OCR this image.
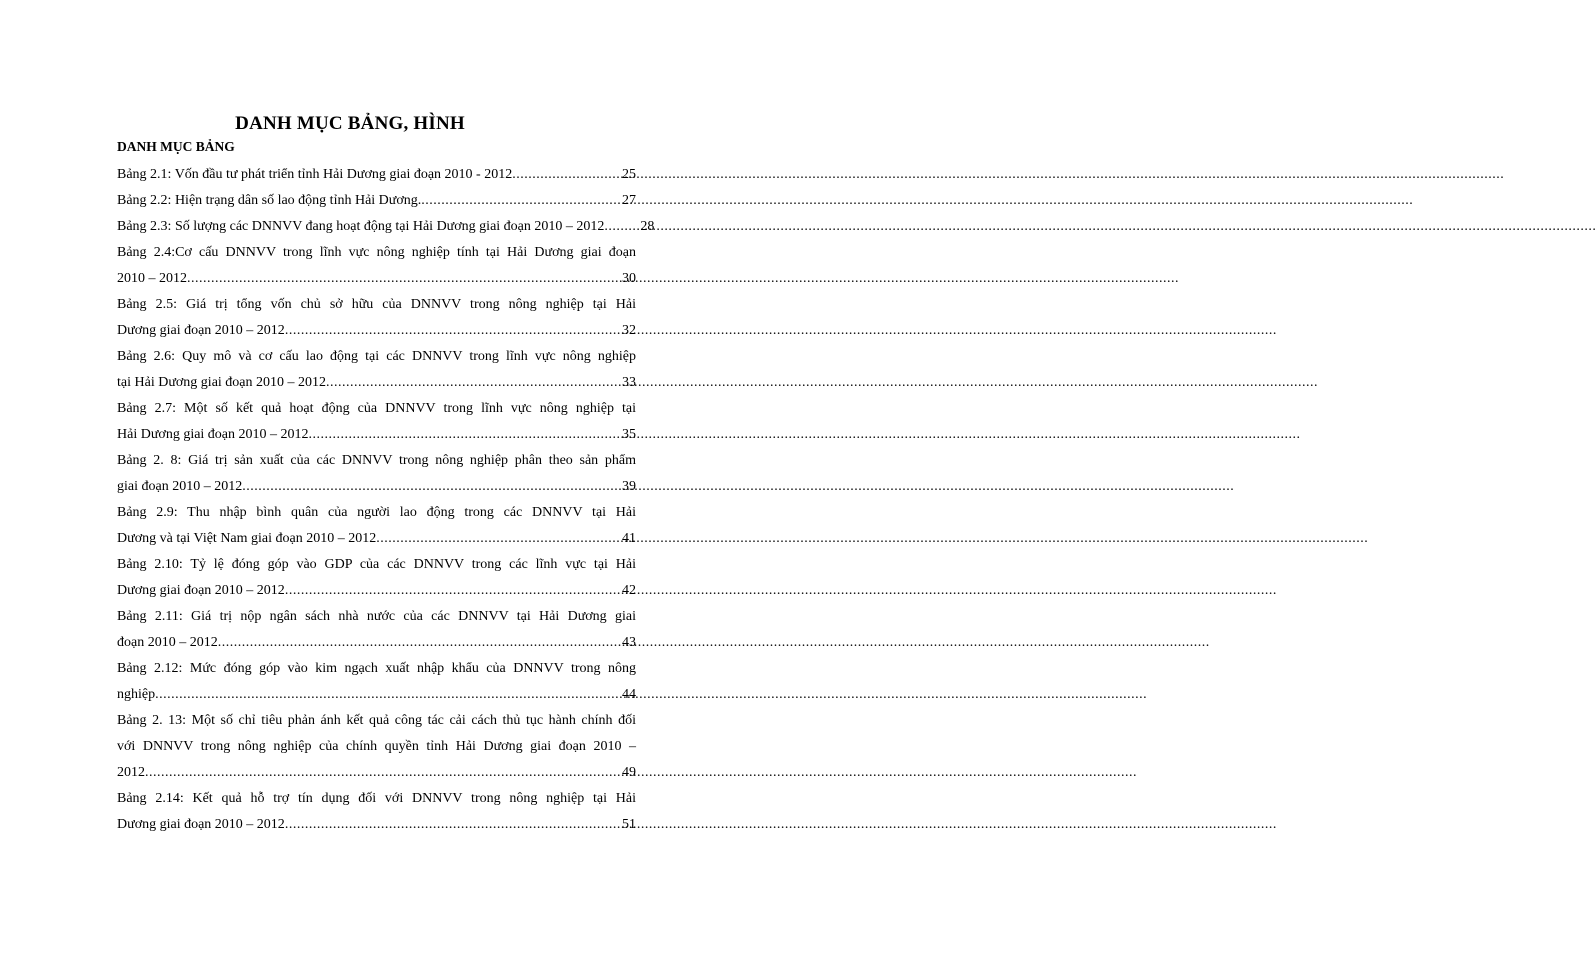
DANH MỤC BẢNG, HÌNH
DANH MỤC BẢNG
Bảng 2.1: Vốn đầu tư phát triển tỉnh Hải Dương giai đoạn 2010 - 2012 .....	25
Bảng 2.2: Hiện trạng dân số lao động tỉnh Hải Dương. .....	27
Bảng 2.3: Số lượng các DNNVV đang hoạt động tại Hải Dương giai đoạn 2010 – 2012 .....	28
Bảng 2.4:Cơ cấu DNNVV trong lĩnh vực nông nghiệp tính tại Hải Dương giai đoạn
2010 – 2012 .....	30
Bảng 2.5: Giá trị tổng vốn chủ sở hữu của DNNVV trong nông nghiệp tại Hải
Dương giai đoạn 2010 – 2012 .....	32
Bảng 2.6: Quy mô và cơ cấu lao động tại các DNNVV trong lĩnh vực nông nghiệp
tại Hải Dương giai đoạn 2010 – 2012 .....	33
Bảng 2.7: Một số kết quả hoạt động của DNNVV trong lĩnh vực nông nghiệp tại
Hải Dương giai đoạn 2010 – 2012 .....	35
Bảng 2. 8: Giá trị sản xuất của các DNNVV trong nông nghiệp phân theo sản phẩm
giai đoạn 2010 – 2012 .....	39
Bảng 2.9: Thu nhập bình quân của người lao động trong các DNNVV tại Hải
Dương và tại Việt Nam giai đoạn 2010 – 2012 .....	41
Bảng 2.10: Tỷ lệ đóng góp vào GDP của các DNNVV trong các lĩnh vực tại Hải
Dương giai đoạn 2010 – 2012 .....	42
Bảng 2.11: Giá trị nộp ngân sách nhà nước của các DNNVV tại Hải Dương giai
đoạn 2010 – 2012 .....	43
Bảng 2.12: Mức đóng góp vào kim ngạch xuất nhập khẩu của DNNVV trong nông
nghiệp .....	44
Bảng 2. 13: Một số chỉ tiêu phản ánh kết quả công tác cải cách thủ tục hành chính đối
với DNNVV trong nông nghiệp của chính quyền tỉnh Hải Dương giai đoạn 2010 –
2012 .....	49
Bảng 2.14: Kết quả hỗ trợ tín dụng đối với DNNVV trong nông nghiệp tại Hải
Dương giai đoạn 2010 – 2012 .....	51
